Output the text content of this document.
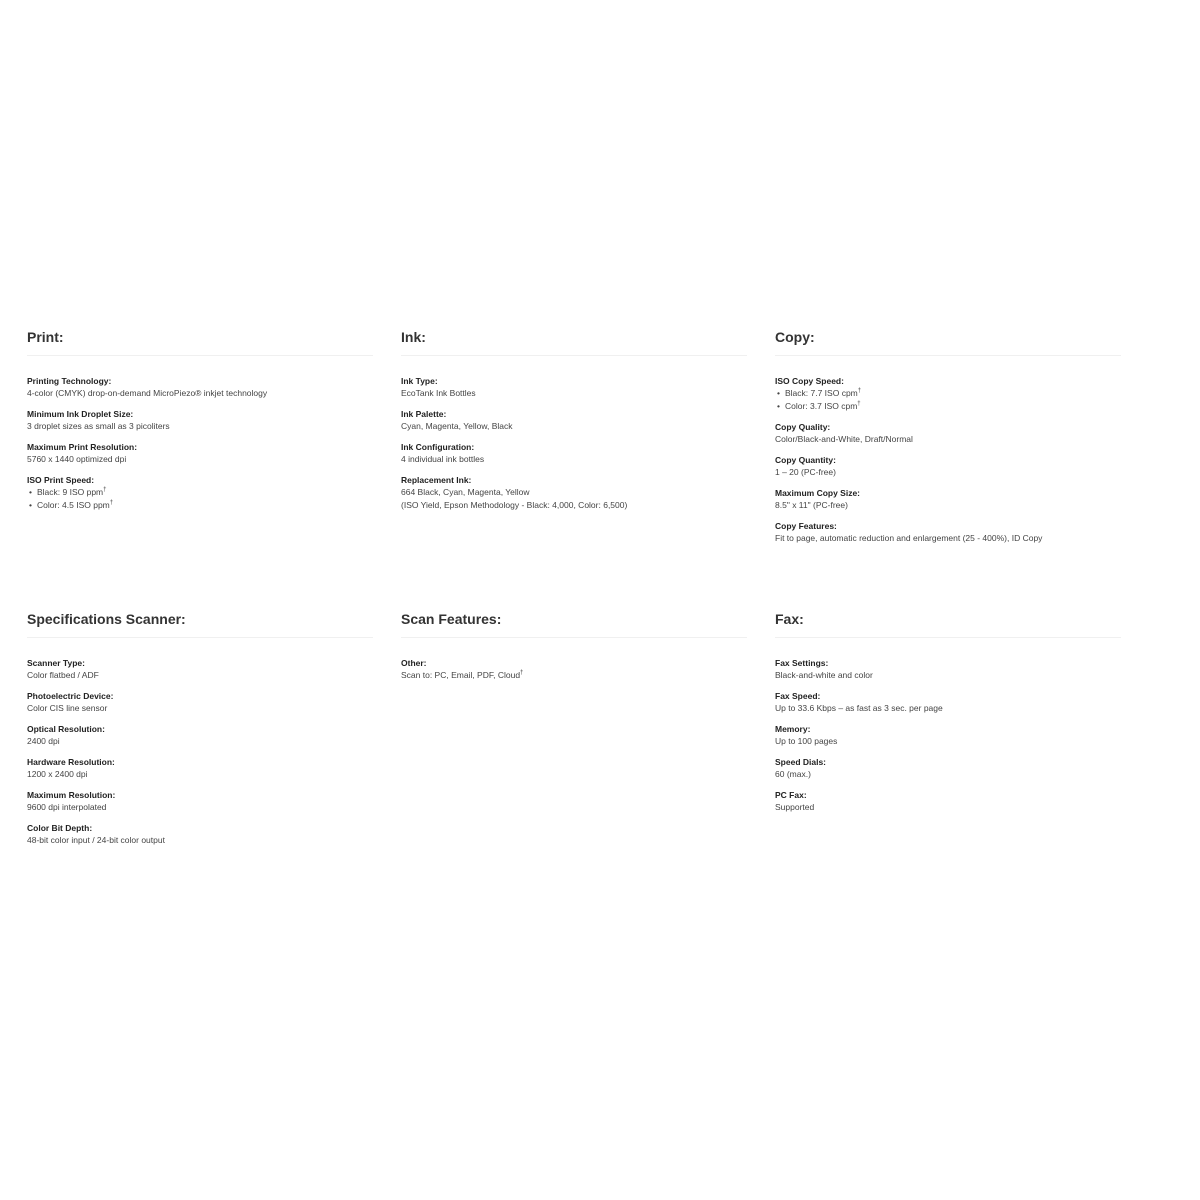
Print:
Printing Technology:
4-color (CMYK) drop-on-demand MicroPiezo® inkjet technology
Minimum Ink Droplet Size:
3 droplet sizes as small as 3 picoliters
Maximum Print Resolution:
5760 x 1440 optimized dpi
ISO Print Speed:
• Black: 9 ISO ppm†
• Color: 4.5 ISO ppm†
Ink:
Ink Type:
EcoTank Ink Bottles
Ink Palette:
Cyan, Magenta, Yellow, Black
Ink Configuration:
4 individual ink bottles
Replacement Ink:
664 Black, Cyan, Magenta, Yellow
(ISO Yield, Epson Methodology - Black: 4,000, Color: 6,500)
Copy:
ISO Copy Speed:
• Black: 7.7 ISO cpm†
• Color: 3.7 ISO cpm†
Copy Quality:
Color/Black-and-White, Draft/Normal
Copy Quantity:
1 – 20 (PC-free)
Maximum Copy Size:
8.5" x 11" (PC-free)
Copy Features:
Fit to page, automatic reduction and enlargement (25 - 400%), ID Copy
Specifications Scanner:
Scanner Type:
Color flatbed / ADF
Photoelectric Device:
Color CIS line sensor
Optical Resolution:
2400 dpi
Hardware Resolution:
1200 x 2400 dpi
Maximum Resolution:
9600 dpi interpolated
Color Bit Depth:
48-bit color input / 24-bit color output
Scan Features:
Other:
Scan to: PC, Email, PDF, Cloud†
Fax:
Fax Settings:
Black-and-white and color
Fax Speed:
Up to 33.6 Kbps – as fast as 3 sec. per page
Memory:
Up to 100 pages
Speed Dials:
60 (max.)
PC Fax:
Supported
